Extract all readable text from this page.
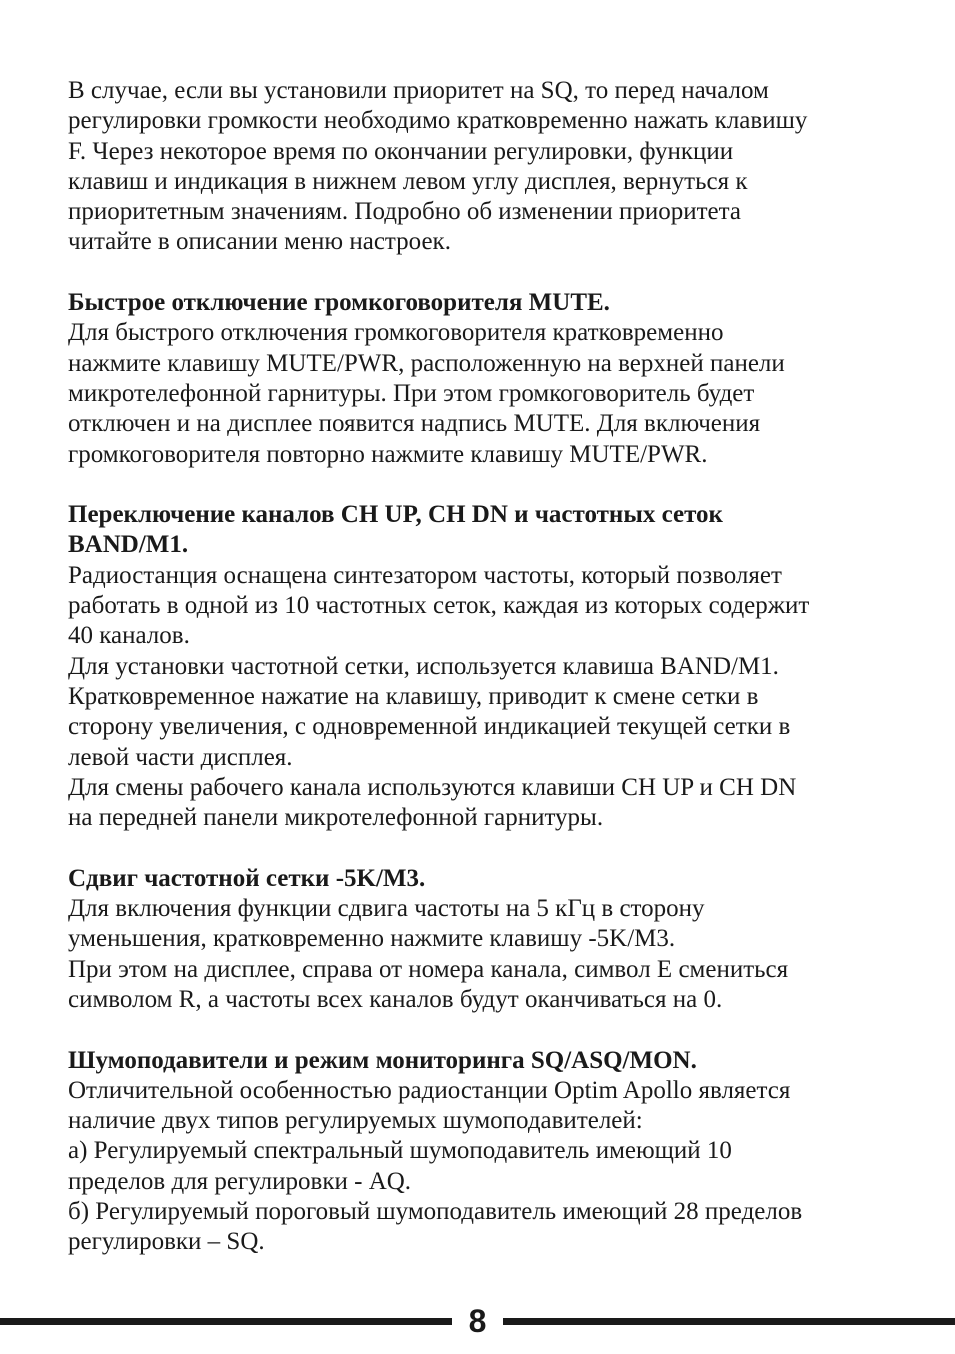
В случае, если вы установили приоритет на SQ, то перед началом
регулировки громкости необходимо кратковременно нажать клавишу
F. Через некоторое время по окончании регулировки, функции
клавиш и индикация в нижнем левом углу дисплея, вернуться к
приоритетным значениям. Подробно об изменении приоритета
читайте в описании меню настроек.
Быстрое отключение громкоговорителя MUTE.
Для быстрого отключения громкоговорителя кратковременно
нажмите клавишу MUTE/PWR, расположенную на верхней панели
микротелефонной гарнитуры. При этом громкоговоритель будет
отключен и на дисплее появится надпись MUTE. Для включения
громкоговорителя повторно нажмите клавишу MUTE/PWR.
Переключение каналов CH UP, CH DN и частотных сеток
BAND/M1.
Радиостанция оснащена синтезатором частоты, который позволяет
работать в одной из 10 частотных сеток, каждая из которых содержит
40 каналов.
Для установки частотной сетки, используется клавиша BAND/M1.
Кратковременное нажатие на клавишу, приводит к смене сетки в
сторону увеличения, с одновременной индикацией текущей сетки в
левой части дисплея.
Для смены рабочего канала используются клавиши CH UP и CH DN
на передней панели микротелефонной гарнитуры.
Сдвиг частотной сетки -5K/M3.
Для включения функции сдвига частоты на 5 кГц в сторону
уменьшения, кратковременно нажмите клавишу -5K/M3.
При этом на дисплее, справа от номера канала, символ E смениться
символом R, а частоты всех каналов будут оканчиваться на 0.
Шумоподавители и режим мониторинга SQ/ASQ/MON.
Отличительной особенностью радиостанции Optim Apollo является
наличие двух типов регулируемых шумоподавителей:
а) Регулируемый спектральный шумоподавитель имеющий 10
пределов для регулировки - AQ.
б) Регулируемый пороговый шумоподавитель имеющий 28 пределов
регулировки – SQ.
8
